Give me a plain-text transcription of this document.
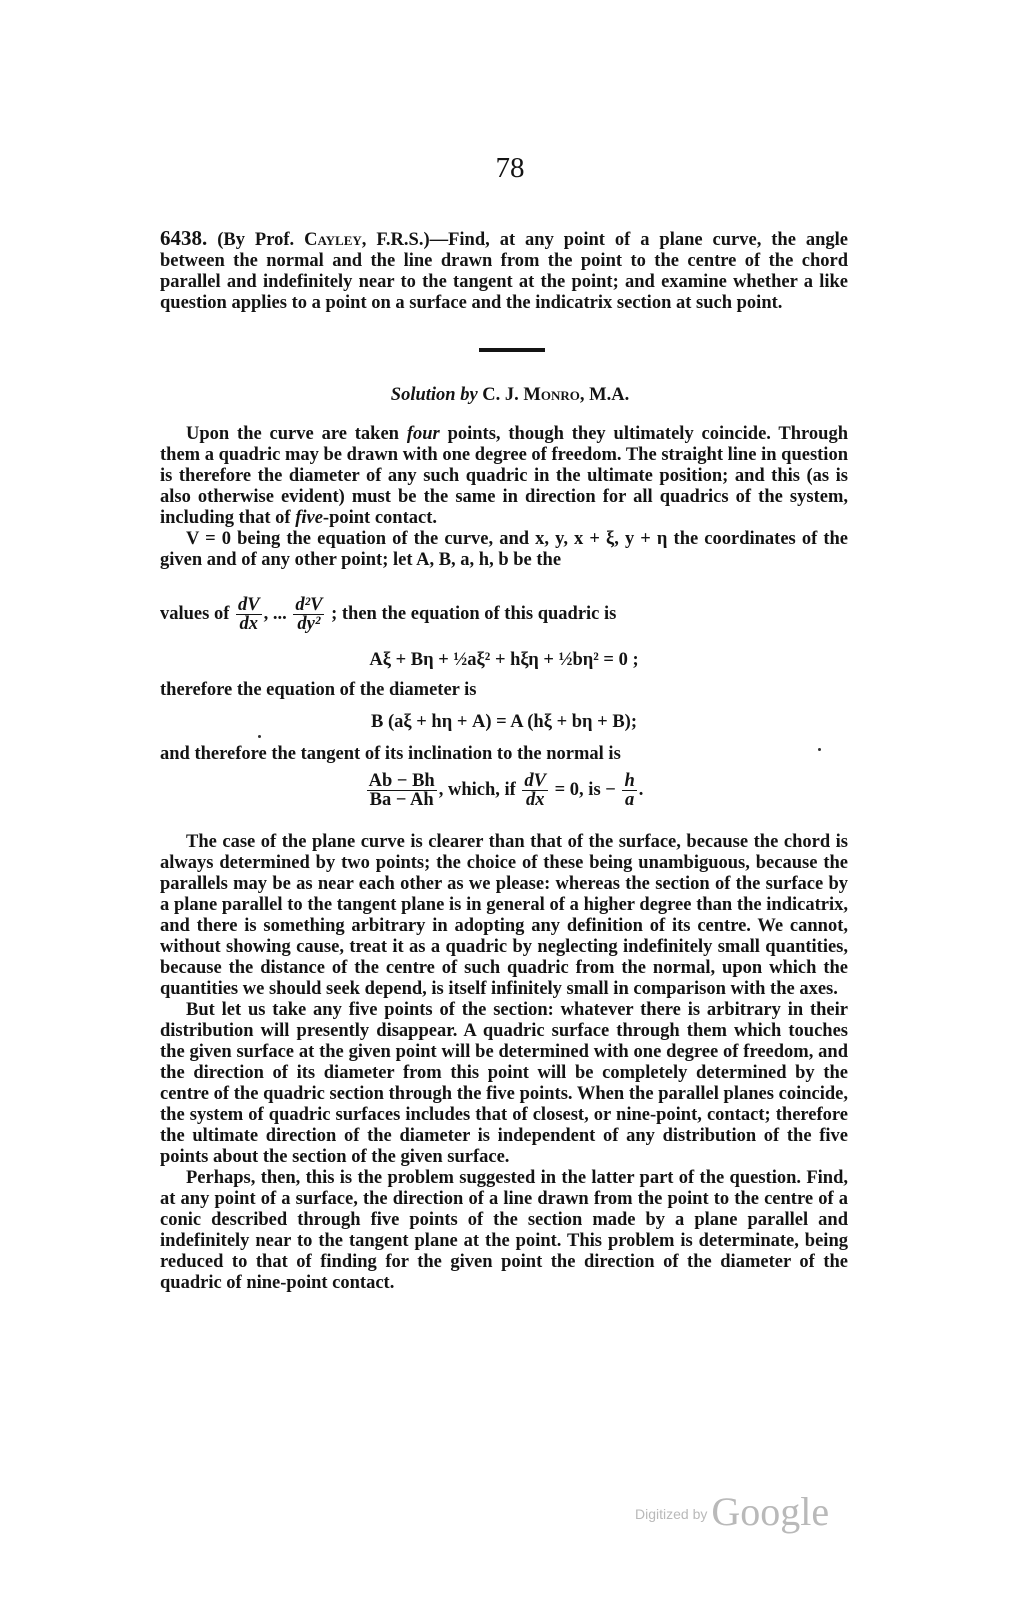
78

6438. (By Prof. Cayley, F.R.S.)—Find, at any point of a plane curve, the angle between the normal and the line drawn from the point to the centre of the chord parallel and indefinitely near to the tangent at the point; and examine whether a like question applies to a point on a surface and the indicatrix section at such point.

Solution by C. J. Monro, M.A.

Upon the curve are taken four points, though they ultimately coincide. Through them a quadric may be drawn with one degree of freedom. The straight line in question is therefore the diameter of any such quadric in the ultimate position; and this (as is also otherwise evident) must be the same in direction for all quadrics of the system, including that of five-point contact.

V = 0 being the equation of the curve, and x, y, x + ξ, y + η the coordinates of the given and of any other point; let A, B, a, h, b be the

values of $\frac{dV}{dx}$ , ... $\frac{\text{d²V}}{\text{dy²}}$ ; then the equation of this quadric is
Aξ + Bη + ½aξ² + hξη + ½bη² = 0 ;
therefore the equation of the diameter is
B (aξ + hη + A) = A (hξ + bη + B);
and therefore the tangent of its inclination to the normal is
$\frac{Ab - Bh}{Ba - Ah}$ , which, if $\frac{dV}{dx} = 0$, is − $\frac{h}{a}$ .

The case of the plane curve is clearer than that of the surface, because the chord is always determined by two points; the choice of these being unambiguous, because the parallels may be as near each other as we please: whereas the section of the surface by a plane parallel to the tangent plane is in general of a higher degree than the indicatrix, and there is something arbitrary in adopting any definition of its centre. We cannot, without showing cause, treat it as a quadric by neglecting indefinitely small quantities, because the distance of the centre of such quadric from the normal, upon which the quantities we should seek depend, is itself infinitely small in comparison with the axes.

But let us take any five points of the section: whatever there is arbitrary in their distribution will presently disappear. A quadric surface through them which touches the given surface at the given point will be determined with one degree of freedom, and the direction of its diameter from this point will be completely determined by the centre of the quadric section through the five points. When the parallel planes coincide, the system of quadric surfaces includes that of closest, or nine-point, contact; therefore the ultimate direction of the diameter is independent of any distribution of the five points about the section of the given surface.

Perhaps, then, this is the problem suggested in the latter part of the question. Find, at any point of a surface, the direction of a line drawn from the point to the centre of a conic described through five points of the section made by a plane parallel and indefinitely near to the tangent plane at the point. This problem is determinate, being reduced to that of finding for the given point the direction of the diameter of the quadric of nine-point contact.

Digitized by Google
